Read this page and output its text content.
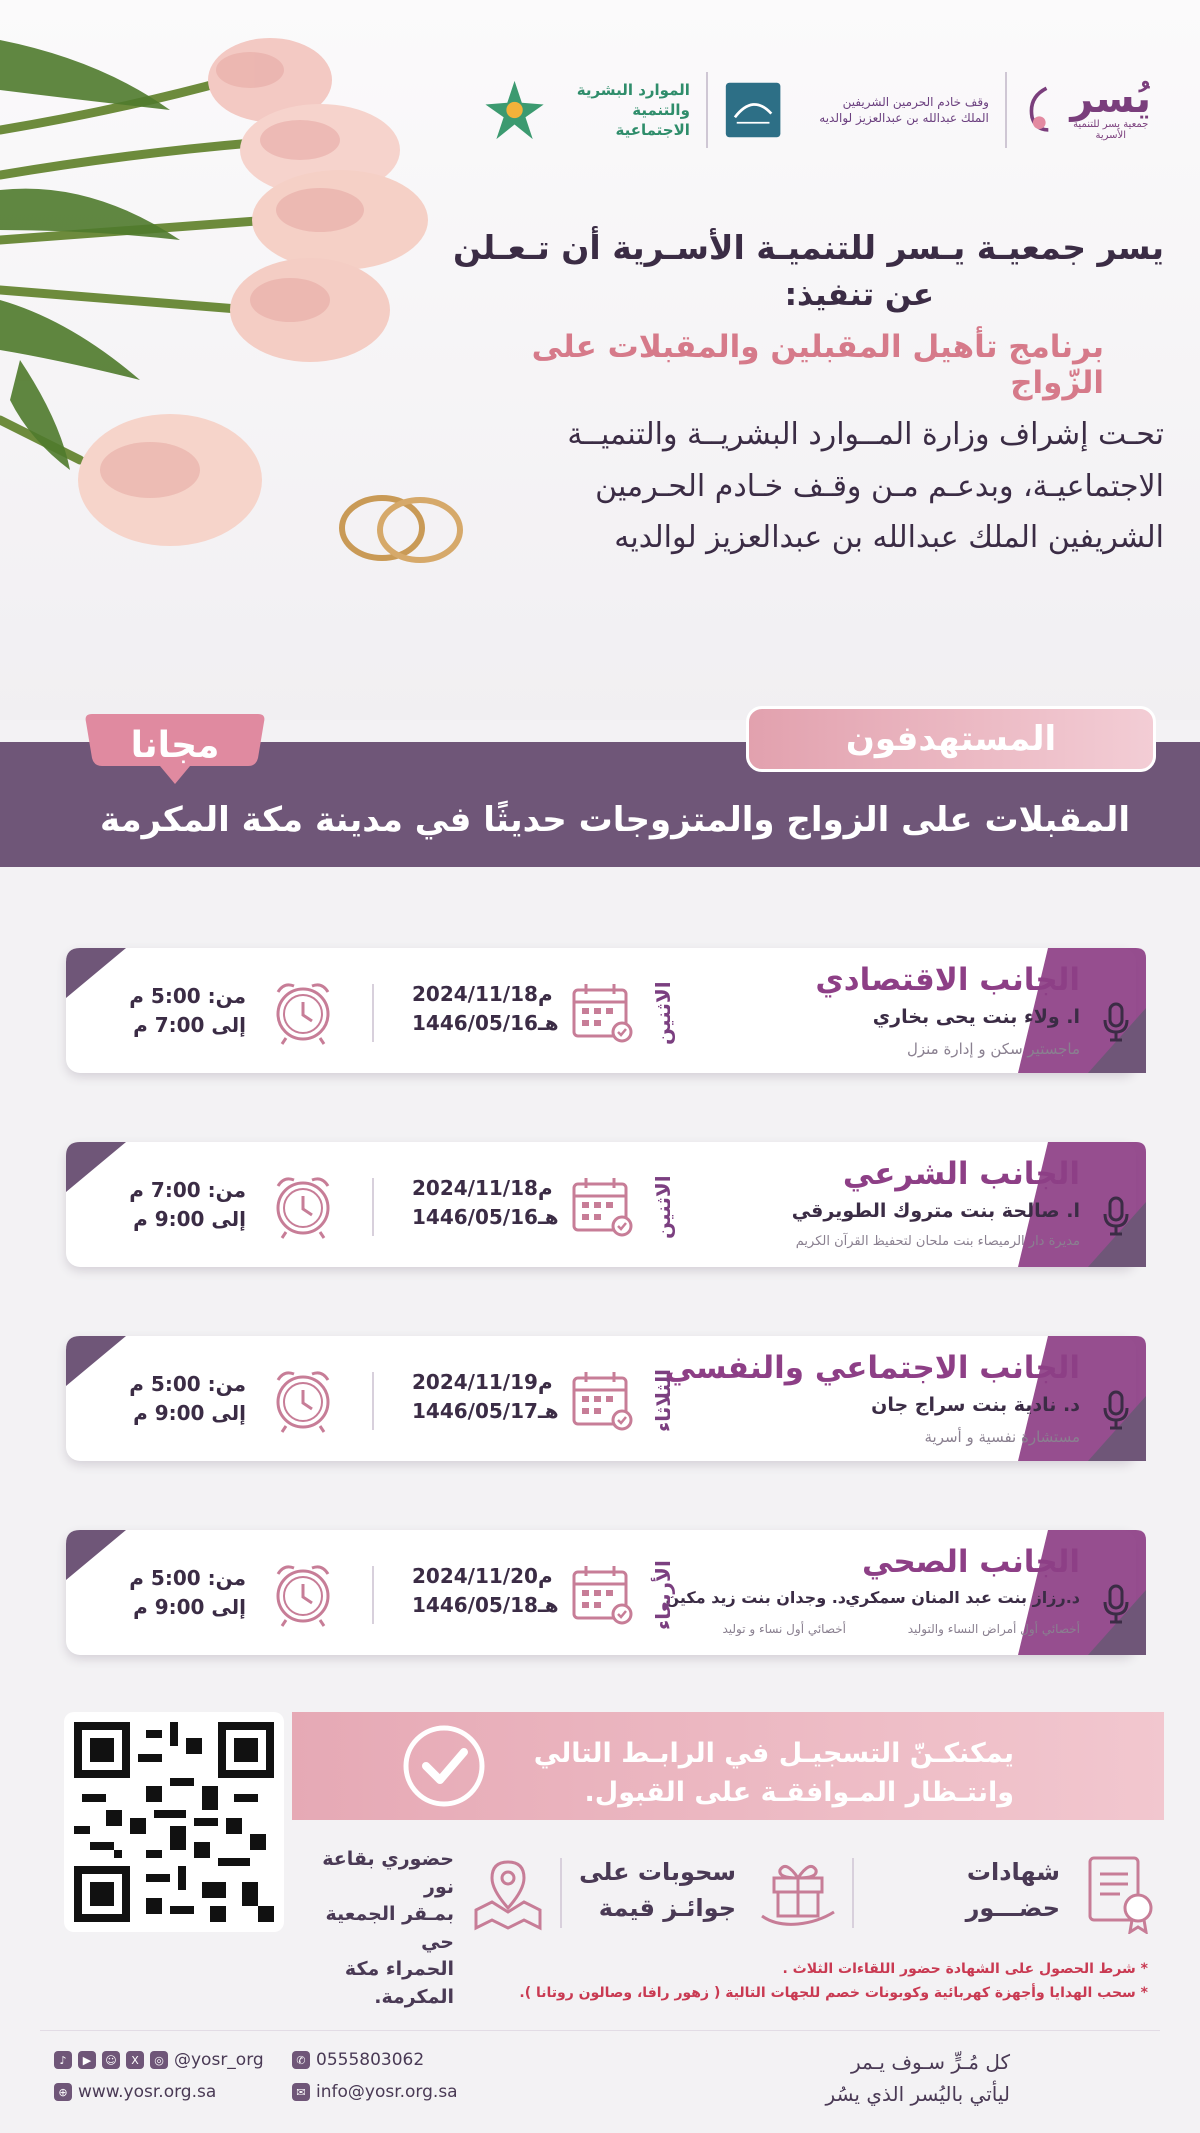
يُسر
جمعية يسر للتنمية الأسرية
وقف خادم الحرمين الشريفين
الملك عبدالله بن عبدالعزيز لوالديه
الموارد البشرية
والتنمية الاجتماعية
يسر جمعيـة يـسر للتنميـة الأسـرية أن تـعـلن
عن تنفيذ:
برنامج تأهيل المقبلين والمقبلات على الزّواج
تحـت إشراف وزارة المــوارد البشريــة والتنميــة
الاجتماعيـة، وبدعـم مـن وقـف خـادم الحـرمين
الشريفين الملك عبدالله بن عبدالعزيز لوالديه
المستهدفون
مجانا
المقبلات على الزواج والمتزوجات حديثًا في مدينة مكة المكرمة
الجانب الاقتصادي
ا. ولاء بنت يحى بخاري
ماجستير سكن و إدارة منزل
الاثنين
2024/11/18م
1446/05/16هـ
من: 5:00 م
إلى 7:00 م
الجانب الشرعي
ا. صالحة بنت متروك الطويرقي
مديرة دار الرميصاء بنت ملحان لتحفيظ القرآن الكريم
الاثنين
2024/11/18م
1446/05/16هـ
من: 7:00 م
إلى 9:00 م
الجانب الاجتماعي والنفسي
د. نادية بنت سراج جان
مستشارة نفسية و أسرية
الثلاثاء
2024/11/19م
1446/05/17هـ
من: 5:00 م
إلى 9:00 م
الجانب الصحي
د.رزاز بنت عبد المنان سمكري
أخصائي أول أمراض النساء والتوليد
د. وجدان بنت زيد مكين
أخصائي أول نساء و توليد
الأربعاء
2024/11/20م
1446/05/18هـ
من: 5:00 م
إلى 9:00 م
يمكنكـنّ التسجيـل في الرابـط التالي
وانتـظار المـوافقـة على القبول.
شهادات
حضـــور
سحوبات على
جوائـز قيمة
حضوري بقاعة نور
بمـقر الجمعية حي
الحمراء مكة المكرمة.
* شرط الحصول على الشهادة حضور اللقاءات الثلاث .
* سحب الهدايا وأجهزة كهربائية وكوبونات خصم للجهات التالية ( زهور رافا، وصالون روتانا ).
♪	▶	☺	X	◎ @yosr_org
⊕ www.yosr.org.sa
✆ 0555803062
✉ info@yosr.org.sa
كل مُـرٍّ سـوف يـمر
ليأتي باليُسر الذي يسُر
